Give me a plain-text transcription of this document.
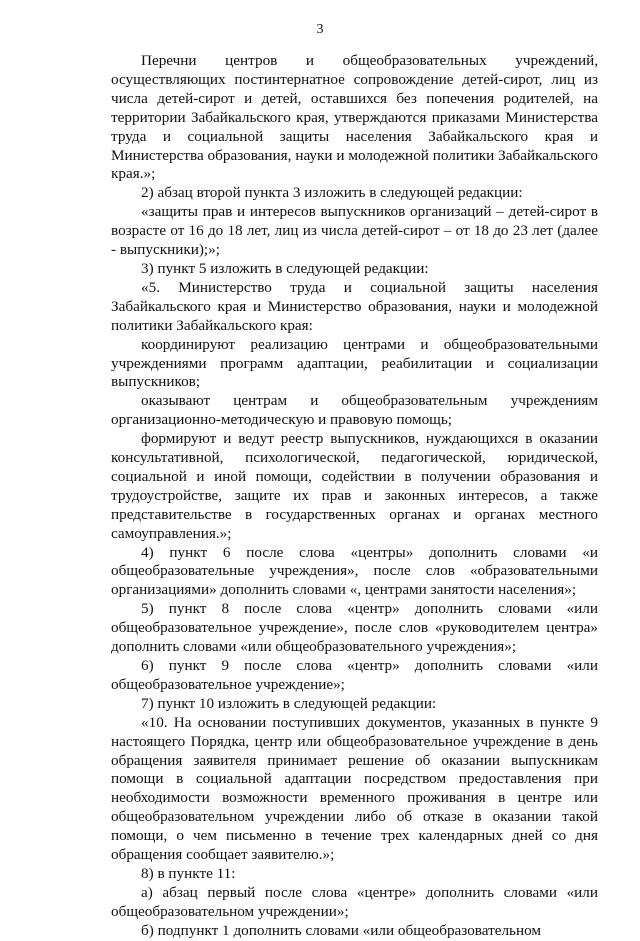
3

Перечни центров и общеобразовательных учреждений, осуществляющих постинтернатное сопровождение детей-сирот, лиц из числа детей-сирот и детей, оставшихся без попечения родителей, на территории Забайкальского края, утверждаются приказами Министерства труда и социальной защиты населения Забайкальского края и Министерства образования, науки и молодежной политики Забайкальского края.»;

2) абзац второй пункта 3 изложить в следующей редакции:

«защиты прав и интересов выпускников организаций – детей-сирот в возрасте от 16 до 18 лет, лиц из числа детей-сирот – от 18 до 23 лет (далее - выпускники);»;

3) пункт 5 изложить в следующей редакции:

«5. Министерство труда и социальной защиты населения Забайкальского края и Министерство образования, науки и молодежной политики Забайкальского края:

координируют реализацию центрами и общеобразовательными учреждениями программ адаптации, реабилитации и социализации выпускников;

оказывают центрам и общеобразовательным учреждениям организационно-методическую и правовую помощь;

формируют и ведут реестр выпускников, нуждающихся в оказании консультативной, психологической, педагогической, юридической, социальной и иной помощи, содействии в получении образования и трудоустройстве, защите их прав и законных интересов, а также представительстве в государственных органах и органах местного самоуправления.»;

4) пункт 6 после слова «центры» дополнить словами «и общеобразовательные учреждения», после слов «образовательными организациями» дополнить словами «, центрами занятости населения»;

5) пункт 8 после слова «центр» дополнить словами «или общеобразовательное учреждение», после слов «руководителем центра» дополнить словами «или общеобразовательного учреждения»;

6) пункт 9 после слова «центр» дополнить словами «или общеобразовательное учреждение»;

7) пункт 10 изложить в следующей редакции:

«10. На основании поступивших документов, указанных в пункте 9 настоящего Порядка, центр или общеобразовательное учреждение в день обращения заявителя принимает решение об оказании выпускникам помощи в социальной адаптации посредством предоставления при необходимости возможности временного проживания в центре или общеобразовательном учреждении либо об отказе в оказании такой помощи, о чем письменно в течение трех календарных дней со дня обращения сообщает заявителю.»;

8) в пункте 11:

а) абзац первый после слова «центре» дополнить словами «или общеобразовательном учреждении»;

б) подпункт 1 дополнить словами «или общеобразовательном
